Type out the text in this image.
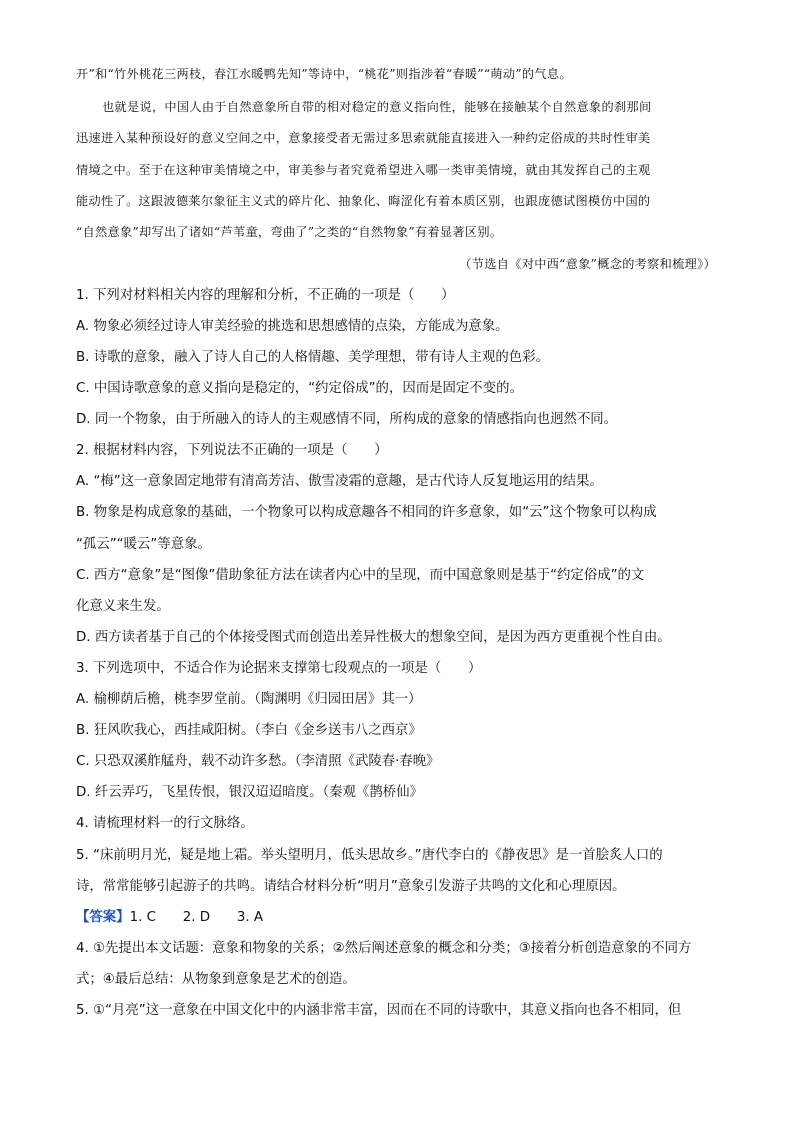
开”和“竹外桃花三两枝，春江水暖鸭先知”等诗中，“桃花”则指涉着“春暖”“萌动”的气息。
也就是说，中国人由于自然意象所自带的相对稳定的意义指向性，能够在接触某个自然意象的刹那间
迅速进入某种预设好的意义空间之中，意象接受者无需过多思索就能直接进入一种约定俗成的共时性审美
情境之中。至于在这种审美情境之中，审美参与者究竟希望进入哪一类审美情境，就由其发挥自己的主观
能动性了。这跟波德莱尔象征主义式的碎片化、抽象化、晦涩化有着本质区别，也跟庞德试图模仿中国的
“自然意象”却写出了诸如“芦苇童，弯曲了”之类的“自然物象”有着显著区别。
（节选自《对中西“意象”概念的考察和梳理》）
1. 下列对材料相关内容的理解和分析，不正确的一项是（　　）
A. 物象必须经过诗人审美经验的挑选和思想感情的点染，方能成为意象。
B. 诗歌的意象，融入了诗人自己的人格情趣、美学理想，带有诗人主观的色彩。
C. 中国诗歌意象的意义指向是稳定的，“约定俗成”的，因而是固定不变的。
D. 同一个物象，由于所融入的诗人的主观感情不同，所构成的意象的情感指向也迥然不同。
2. 根据材料内容，下列说法不正确的一项是（　　）
A. “梅”这一意象固定地带有清高芳洁、傲雪凌霜的意趣，是古代诗人反复地运用的结果。
B. 物象是构成意象的基础，一个物象可以构成意趣各不相同的许多意象，如“云”这个物象可以构成
“孤云”“暖云”等意象。
C. 西方“意象”是“图像”借助象征方法在读者内心中的呈现，而中国意象则是基于“约定俗成”的文
化意义来生发。
D. 西方读者基于自己的个体接受图式而创造出差异性极大的想象空间，是因为西方更重视个性自由。
3. 下列选项中，不适合作为论据来支撑第七段观点的一项是（　　）
A. 榆柳荫后檐，桃李罗堂前。（陶渊明《归园田居》其一）
B. 狂风吹我心，西挂咸阳树。（李白《金乡送韦八之西京》
C. 只恐双溪舴艋舟，载不动许多愁。（李清照《武陵春·春晚》
D. 纤云弄巧，飞星传恨，银汉迢迢暗度。（秦观《鹊桥仙》
4. 请梳理材料一的行文脉络。
5. “床前明月光，疑是地上霜。举头望明月，低头思故乡。”唐代李白的《静夜思》是一首脍炙人口的
诗，常常能够引起游子的共鸣。请结合材料分析“明月”意象引发游子共鸣的文化和心理原因。
【答案】1. C　　2. D　　3. A
4. ①先提出本文话题：意象和物象的关系；②然后阐述意象的概念和分类；③接着分析创造意象的不同方
式；④最后总结：从物象到意象是艺术的创造。
5. ①“月亮”这一意象在中国文化中的内涵非常丰富，因而在不同的诗歌中，其意义指向也各不相同，但
